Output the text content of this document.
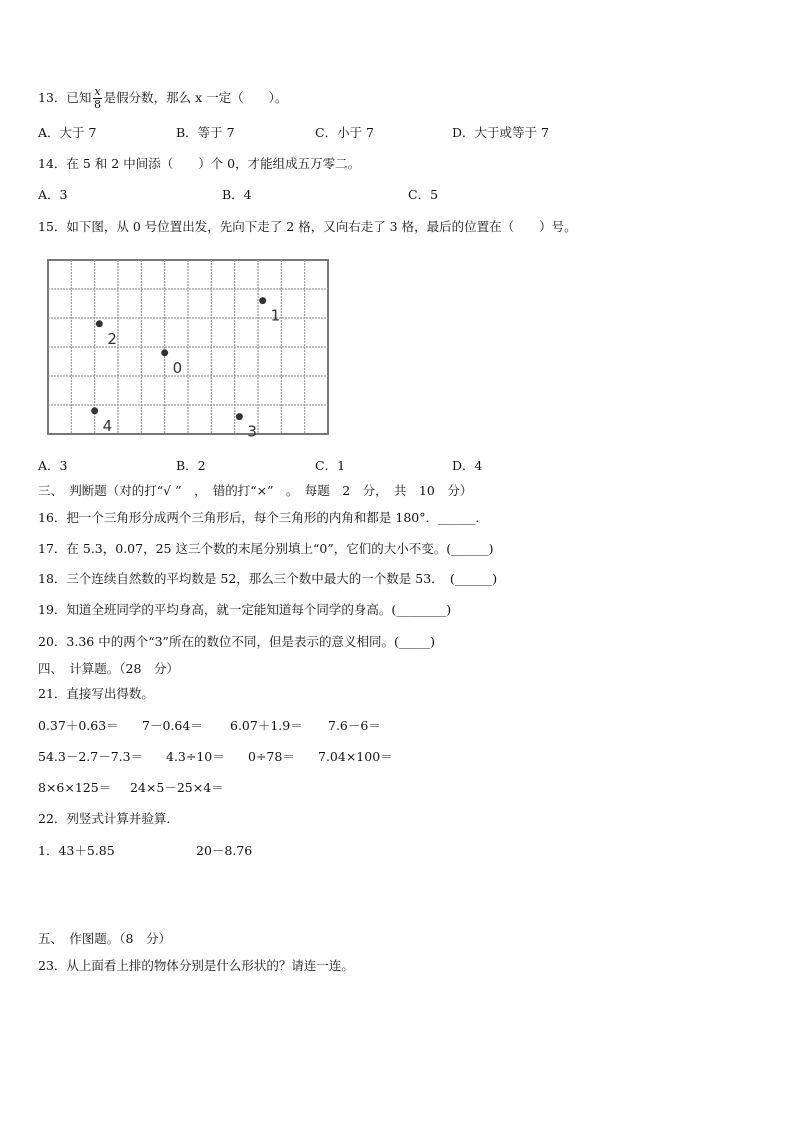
13．已知 $\frac{x}{8}$ 是假分数，那么 x 一定（　　）。
A．大于 7	B．等于 7	C．小于 7	D．大于或等于 7
14．在 5 和 2 中间添（　　）个 0，才能组成五万零二。
A．3	B．4	C．5
15．如下图，从 0 号位置出发，先向下走了 2 格，又向右走了 3 格，最后的位置在（　　）号。
1
2
0
4	3
A．3	B．2	C．1	D．4
三、　判断题（对的打“√ ”　，　错的打“×”　。　每题　2　分，　共　10　分）
16．把一个三角形分成两个三角形后，每个三角形的内角和都是 180°．______．
17．在 5.3，0.07，25 这三个数的末尾分别填上“0”，它们的大小不变。(______)
18．三个连续自然数的平均数是 52，那么三个数中最大的一个数是 53．　(______)
19．知道全班同学的平均身高，就一定能知道每个同学的身高。(________)
20．3.36 中的两个“3”所在的数位不同，但是表示的意义相同。(_____)
四、　计算题。（28　分）
21．直接写出得数。
0.37＋0.63＝ 7－0.64＝ 6.07＋1.9＝ 7.6－6＝
54.3－2.7－7.3＝ 4.3÷10＝ 0÷78＝ 7.04×100＝
8×6×125＝ 24×5－25×4＝
22．列竖式计算并验算.
1．43＋5.85	20－8.76
五、　作图题。（8　分）
23．从上面看上排的物体分别是什么形状的？请连一连。
